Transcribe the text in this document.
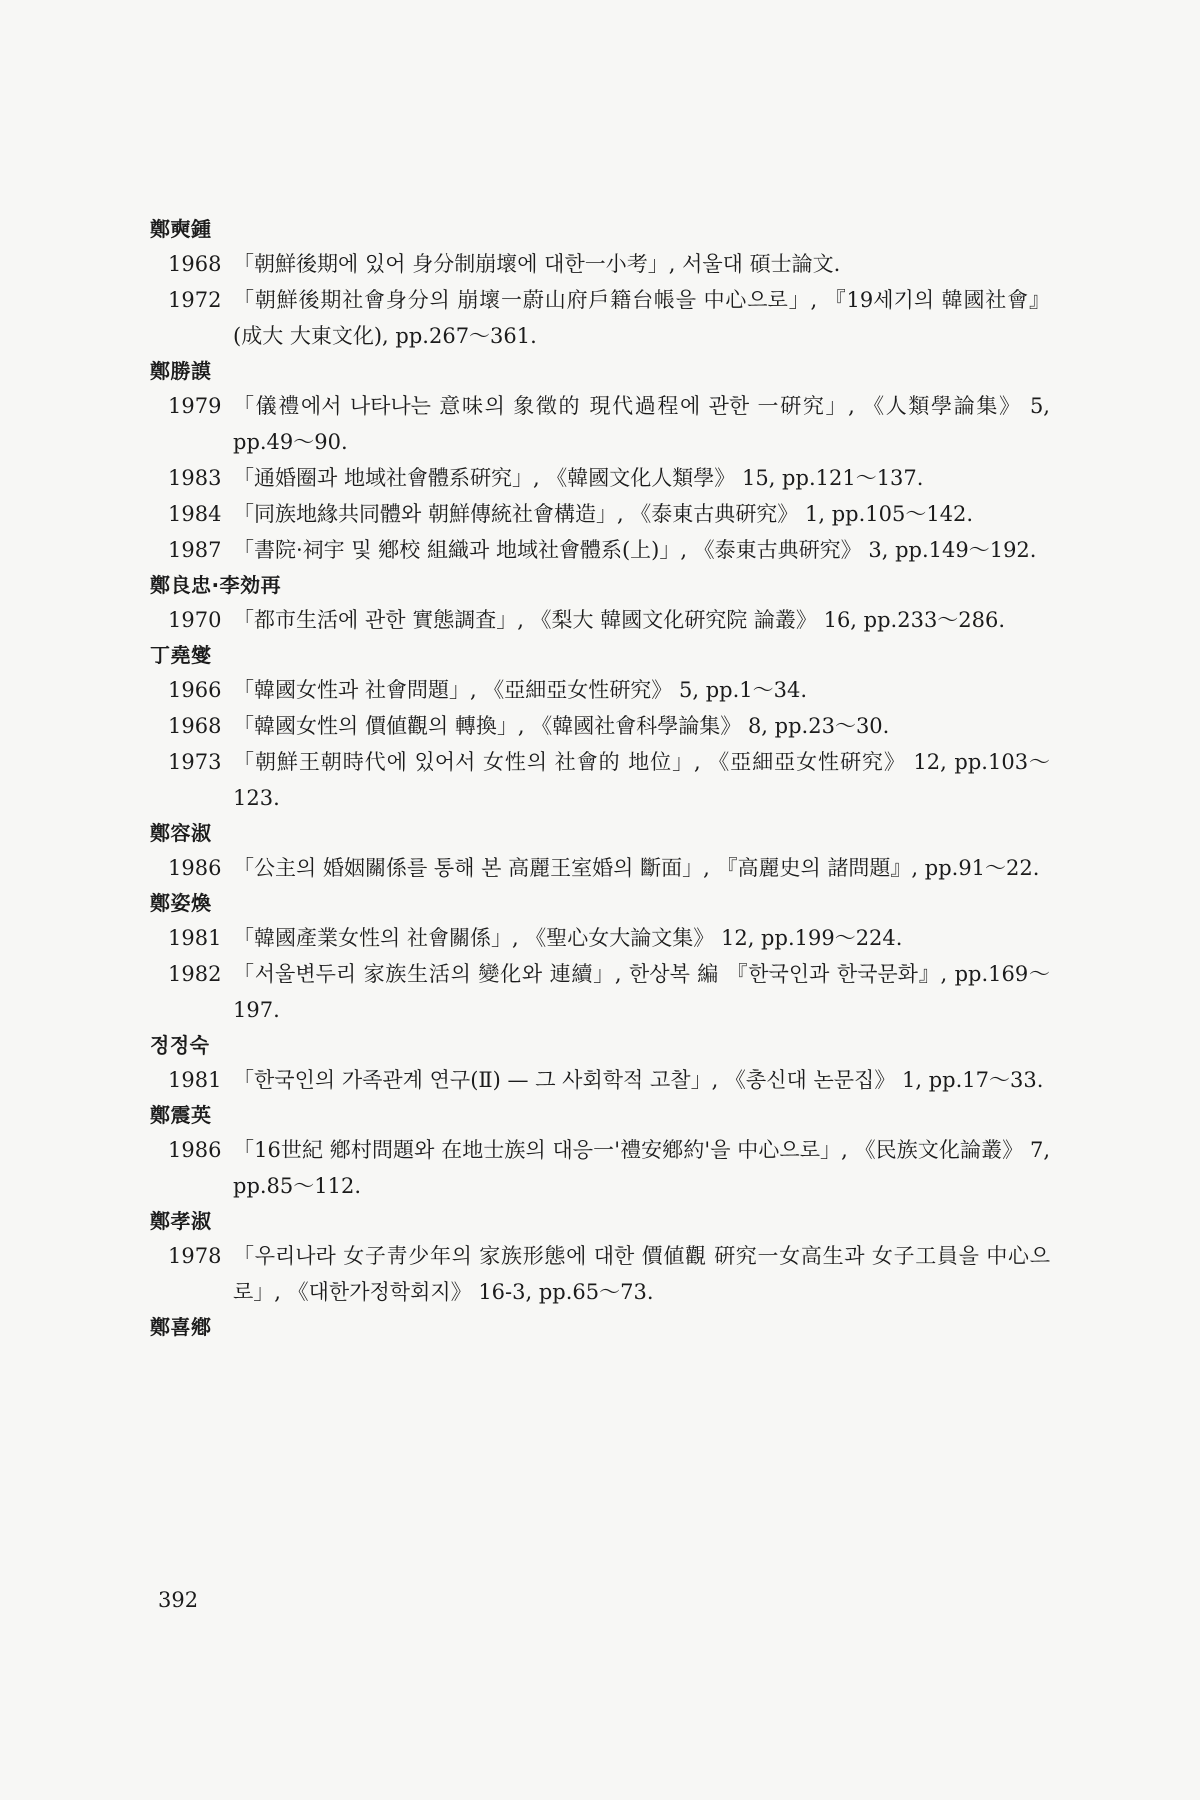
鄭奭鍾
1968 「朝鮮後期에 있어 身分制崩壞에 대한一小考」, 서울대 碩士論文.
1972 「朝鮮後期社會身分의 崩壞一蔚山府戶籍台帳을 中心으로」, 『19세기의 韓國社會』(成大 大東文化), pp.267～361.
鄭勝謨
1979 「儀禮에서 나타나는 意味의 象徵的 現代過程에 관한 一硏究」, 《人類學論集》 5, pp.49～90.
1983 「通婚圈과 地域社會體系硏究」, 《韓國文化人類學》 15, pp.121～137.
1984 「同族地緣共同體와 朝鮮傳統社會構造」, 《泰東古典硏究》 1, pp.105～142.
1987 「書院·祠宇 및 鄕校 組織과 地域社會體系(上)」, 《泰東古典硏究》 3, pp.149～192.
鄭良忠·李効再
1970 「都市生活에 관한 實態調査」, 《梨大 韓國文化硏究院 論叢》 16, pp.233～286.
丁堯燮
1966 「韓國女性과 社會問題」, 《亞細亞女性硏究》 5, pp.1～34.
1968 「韓國女性의 價値觀의 轉換」, 《韓國社會科學論集》 8, pp.23～30.
1973 「朝鮮王朝時代에 있어서 女性의 社會的 地位」, 《亞細亞女性硏究》 12, pp.103～123.
鄭容淑
1986 「公主의 婚姻關係를 통해 본 高麗王室婚의 斷面」, 『高麗史의 諸問題』, pp.91～22.
鄭姿煥
1981 「韓國產業女性의 社會關係」, 《聖心女大論文集》 12, pp.199～224.
1982 「서울변두리 家族生活의 變化와 連續」, 한상복 編 『한국인과 한국문화』, pp.169～197.
정정숙
1981 「한국인의 가족관계 연구(Ⅱ) — 그 사회학적 고찰」, 《총신대 논문집》 1, pp.17～33.
鄭震英
1986 「16世紀 鄕村問題와 在地士族의 대응一'禮安鄕約'을 中心으로」, 《民族文化論叢》 7, pp.85～112.
鄭孝淑
1978 「우리나라 女子靑少年의 家族形態에 대한 價値觀 硏究一女高生과 女子工員을 中心으로」, 《대한가정학회지》 16-3, pp.65～73.
鄭喜鄕
392
